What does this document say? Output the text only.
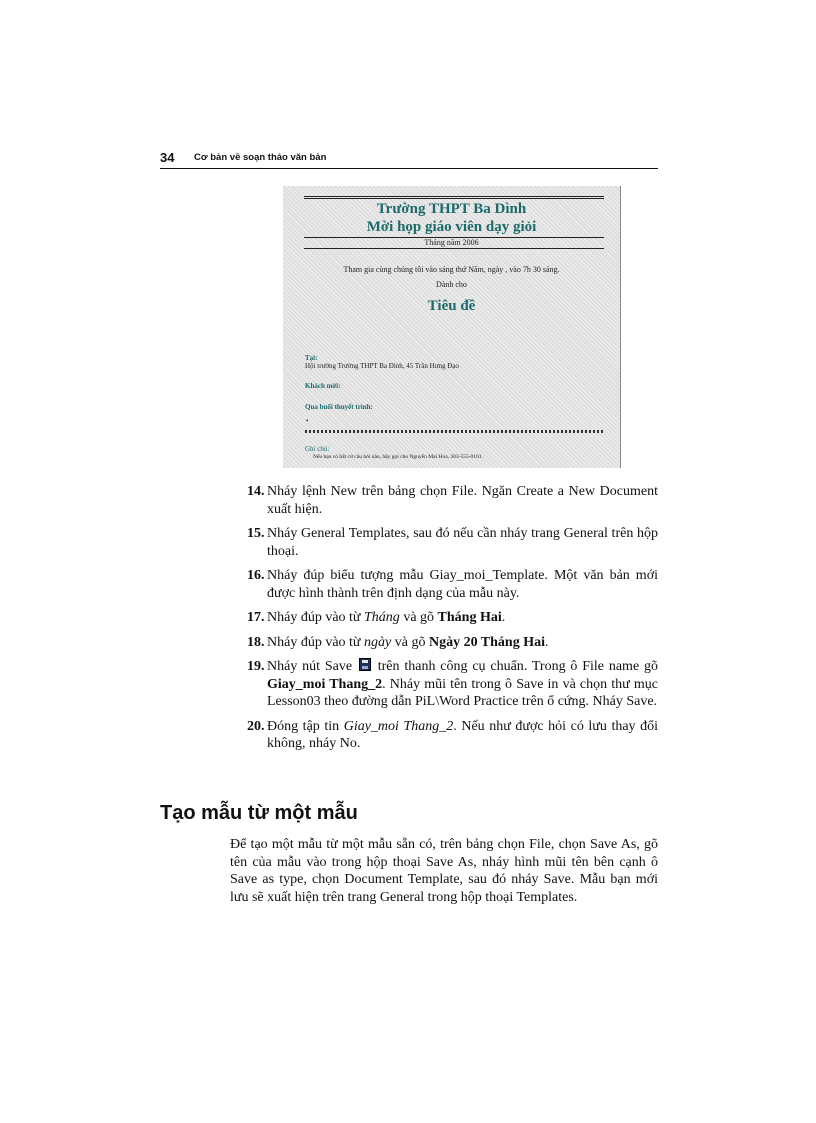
34 Cơ bản về soạn thảo văn bản
Trường THPT Ba Dình
Mời họp giáo viên dạy giỏi
Tháng năm 2006
Tham gia cùng chúng tôi vào sáng thứ Năm, ngày , vào 7h 30 sáng.
Dành cho
Tiêu đề
Tại:
Hội trường Trường THPT Ba Đình, 45 Trần Hưng Đạo
Khách mời:
Qua buổi thuyết trình:
•
Ghi chú:
Nếu bạn có bất cứ câu hỏi nào, hãy gọi cho Nguyễn Mai Hoa, 303-555-0101.
14. Nháy lệnh New trên bảng chọn File. Ngăn Create a New Document xuất hiện.
15. Nháy General Templates, sau đó nếu cần nháy trang General trên hộp thoại.
16. Nháy đúp biểu tượng mẫu Giay_moi_Template. Một văn bản mới được hình thành trên định dạng của mẫu này.
17. Nháy đúp vào từ Tháng và gõ Tháng Hai.
18. Nháy đúp vào từ ngày và gõ Ngày 20 Tháng Hai.
19. Nháy nút Save  trên thanh công cụ chuẩn. Trong ô File name gõ Giay_moi Thang_2. Nháy mũi tên trong ô Save in và chọn thư mục Lesson03 theo đường dẫn PiL\Word Practice trên ổ cứng. Nháy Save.
20. Đóng tập tin Giay_moi Thang_2. Nếu như được hỏi có lưu thay đổi không, nháy No.
Tạo mẫu từ một mẫu

Để tạo một mẫu từ một mẫu sẵn có, trên bảng chọn File, chọn Save As, gõ tên của mẫu vào trong hộp thoại Save As, nháy hình mũi tên bên cạnh ô Save as type, chọn Document Template, sau đó nháy Save. Mẫu bạn mới lưu sẽ xuất hiện trên trang General trong hộp thoại Templates.
